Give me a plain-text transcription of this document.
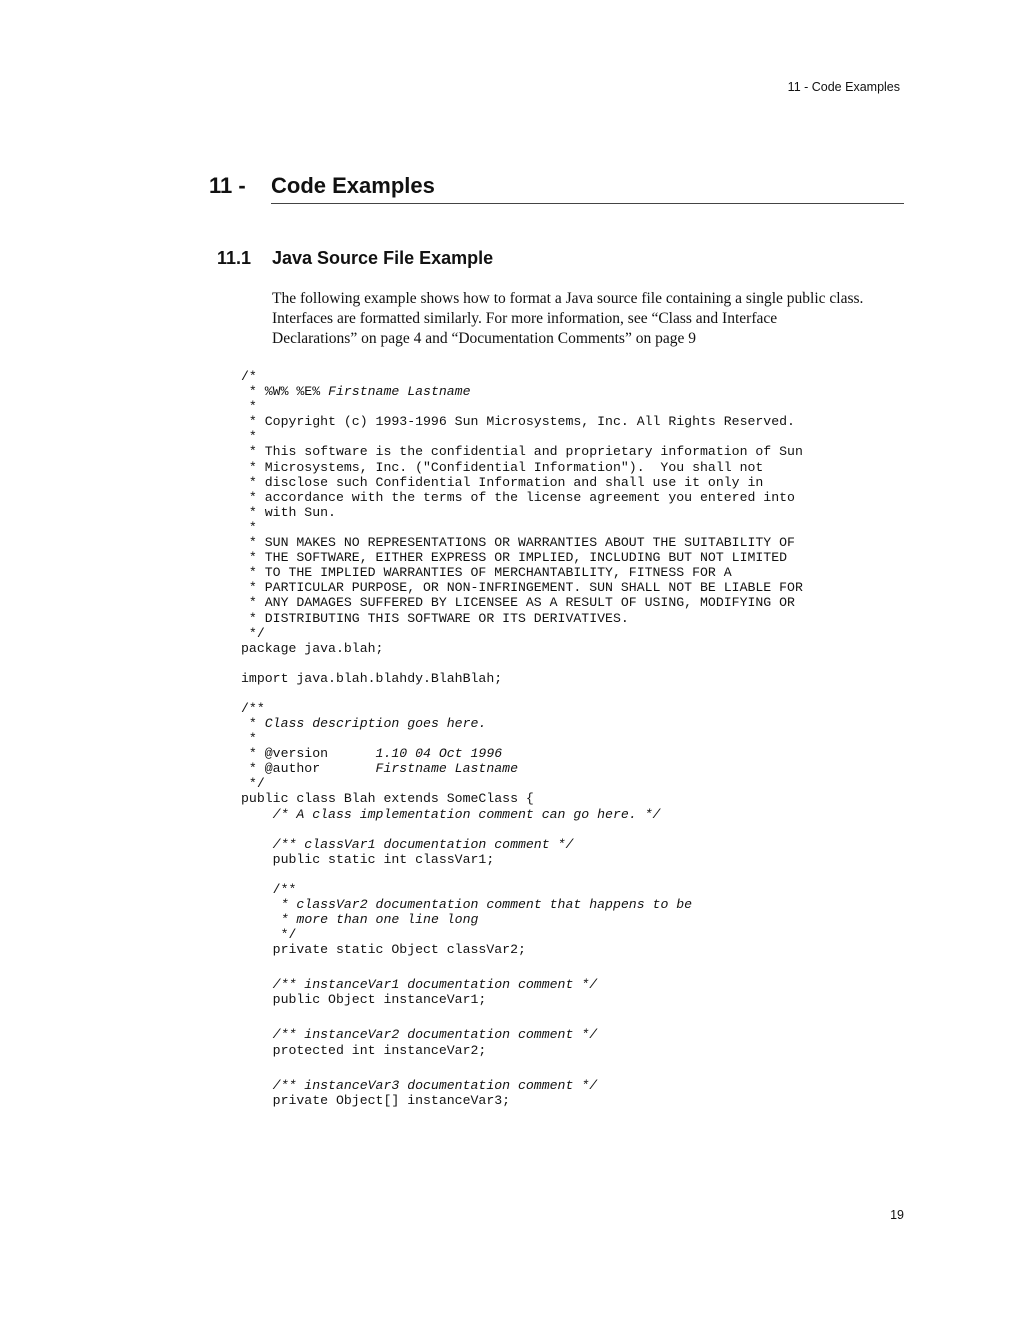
11 - Code Examples
11 - Code Examples
11.1 Java Source File Example
The following example shows how to format a Java source file containing a single public class.
Interfaces are formatted similarly. For more information, see “Class and Interface
Declarations” on page 4 and “Documentation Comments” on page 9
/*
* %W% %E% Firstname Lastname
*
* Copyright (c) 1993-1996 Sun Microsystems, Inc. All Rights Reserved.
*
* This software is the confidential and proprietary information of Sun
* Microsystems, Inc. ("Confidential Information").  You shall not
* disclose such Confidential Information and shall use it only in
* accordance with the terms of the license agreement you entered into
* with Sun.
*
* SUN MAKES NO REPRESENTATIONS OR WARRANTIES ABOUT THE SUITABILITY OF
* THE SOFTWARE, EITHER EXPRESS OR IMPLIED, INCLUDING BUT NOT LIMITED
* TO THE IMPLIED WARRANTIES OF MERCHANTABILITY, FITNESS FOR A
* PARTICULAR PURPOSE, OR NON-INFRINGEMENT. SUN SHALL NOT BE LIABLE FOR
* ANY DAMAGES SUFFERED BY LICENSEE AS A RESULT OF USING, MODIFYING OR
* DISTRIBUTING THIS SOFTWARE OR ITS DERIVATIVES.
*/
package java.blah;
import java.blah.blahdy.BlahBlah;
/**
* Class description goes here.
*
* @version      1.10 04 Oct 1996
* @author       Firstname Lastname
*/
public class Blah extends SomeClass {
/* A class implementation comment can go here. */
/** classVar1 documentation comment */
public static int classVar1;
/**
* classVar2 documentation comment that happens to be
* more than one line long
*/
private static Object classVar2;
/** instanceVar1 documentation comment */
public Object instanceVar1;
/** instanceVar2 documentation comment */
protected int instanceVar2;
/** instanceVar3 documentation comment */
private Object[] instanceVar3;
19
